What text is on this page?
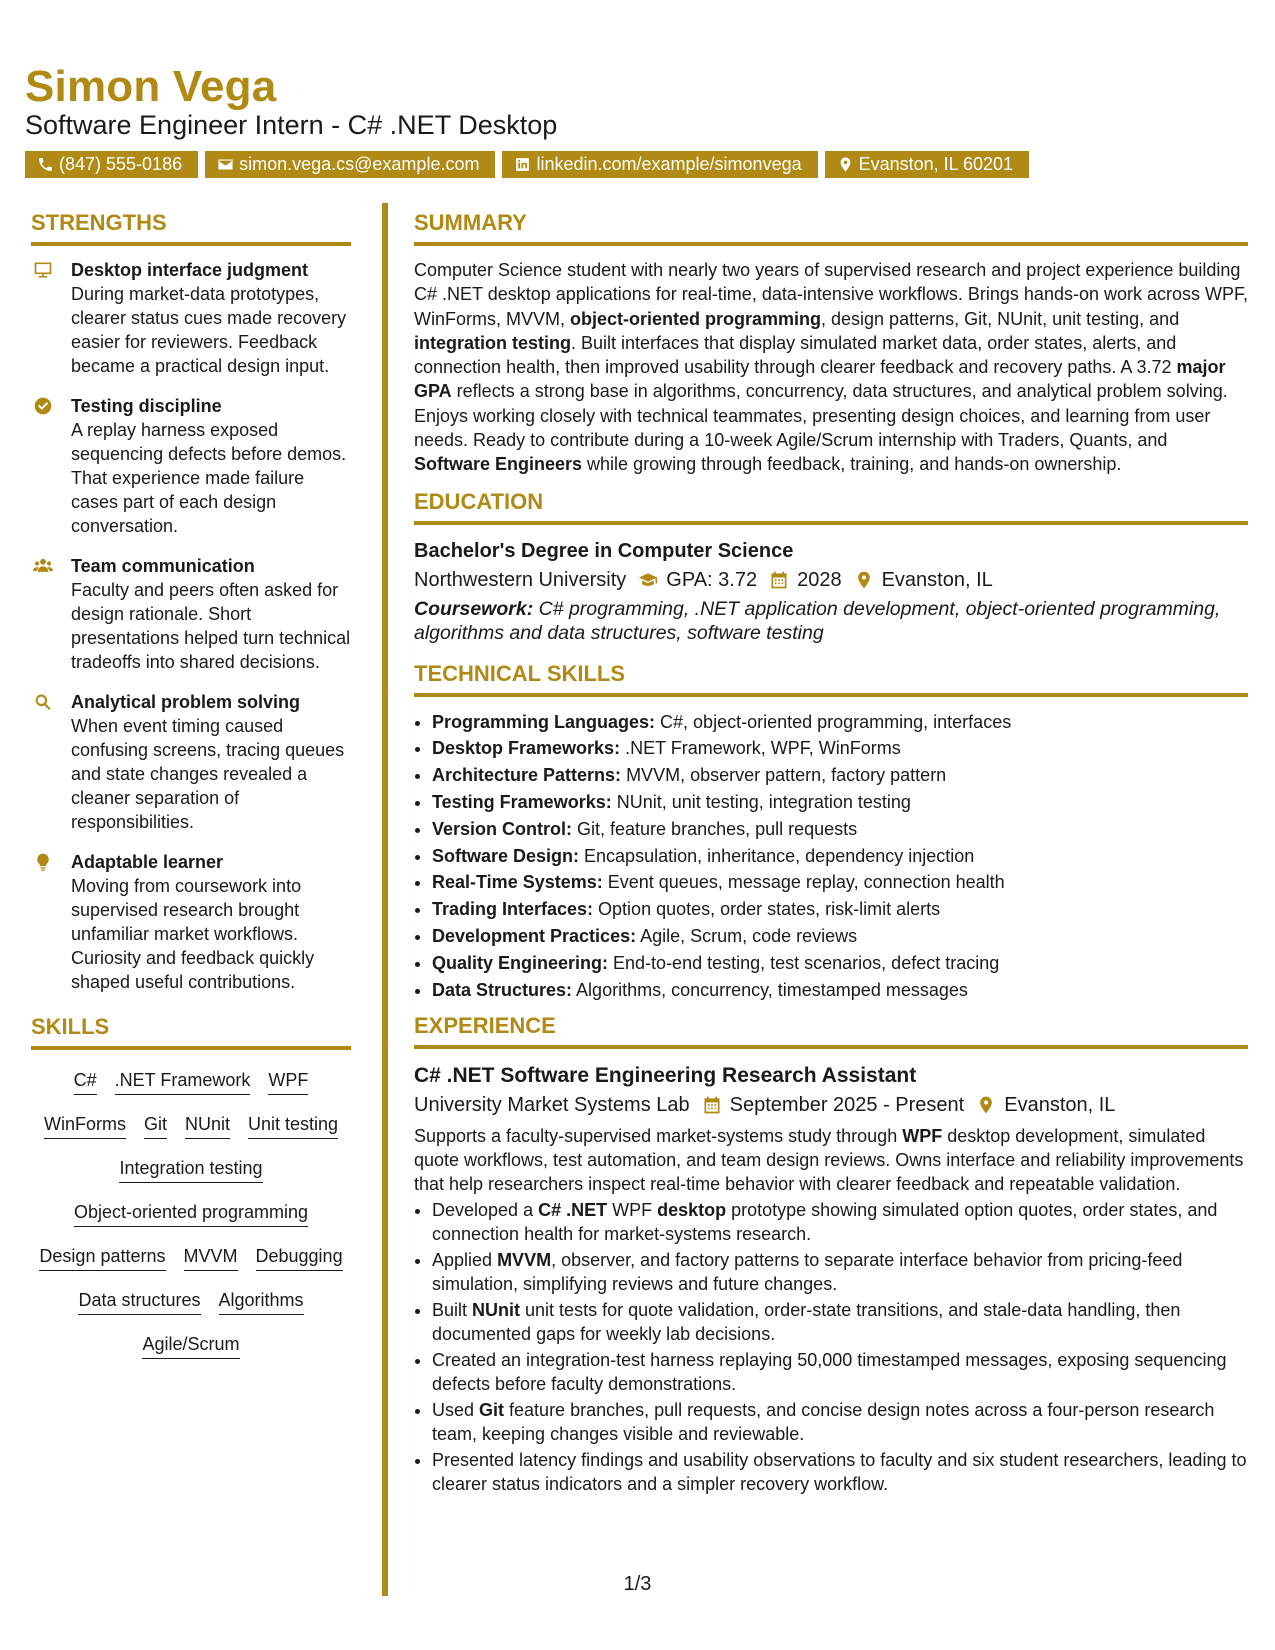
Simon Vega
Software Engineer Intern - C# .NET Desktop
(847) 555-0186	simon.vega.cs@example.com	linkedin.com/example/simonvega	Evanston, IL 60201
STRENGTHS
Desktop interface judgment
During market-data prototypes, clearer status cues made recovery easier for reviewers. Feedback became a practical design input.
Testing discipline
A replay harness exposed sequencing defects before demos. That experience made failure cases part of each design conversation.
Team communication
Faculty and peers often asked for design rationale. Short presentations helped turn technical tradeoffs into shared decisions.
Analytical problem solving
When event timing caused confusing screens, tracing queues and state changes revealed a cleaner separation of responsibilities.
Adaptable learner
Moving from coursework into supervised research brought unfamiliar market workflows. Curiosity and feedback quickly shaped useful contributions.
SKILLS
C# .NET Framework WPF
WinForms Git NUnit Unit testing
Integration testing
Object-oriented programming
Design patterns MVVM Debugging
Data structures Algorithms
Agile/Scrum
SUMMARY
Computer Science student with nearly two years of supervised research and project experience building C# .NET desktop applications for real-time, data-intensive workflows. Brings hands-on work across WPF, WinForms, MVVM, object-oriented programming, design patterns, Git, NUnit, unit testing, and integration testing. Built interfaces that display simulated market data, order states, alerts, and connection health, then improved usability through clearer feedback and recovery paths. A 3.72 major GPA reflects a strong base in algorithms, concurrency, data structures, and analytical problem solving. Enjoys working closely with technical teammates, presenting design choices, and learning from user needs. Ready to contribute during a 10-week Agile/Scrum internship with Traders, Quants, and Software Engineers while growing through feedback, training, and hands-on ownership.
EDUCATION
Bachelor's Degree in Computer Science
Northwestern University GPA: 3.72 2028 Evanston, IL
Coursework: C# programming, .NET application development, object-oriented programming, algorithms and data structures, software testing
TECHNICAL SKILLS
• Programming Languages: C#, object-oriented programming, interfaces
• Desktop Frameworks: .NET Framework, WPF, WinForms
• Architecture Patterns: MVVM, observer pattern, factory pattern
• Testing Frameworks: NUnit, unit testing, integration testing
• Version Control: Git, feature branches, pull requests
• Software Design: Encapsulation, inheritance, dependency injection
• Real-Time Systems: Event queues, message replay, connection health
• Trading Interfaces: Option quotes, order states, risk-limit alerts
• Development Practices: Agile, Scrum, code reviews
• Quality Engineering: End-to-end testing, test scenarios, defect tracing
• Data Structures: Algorithms, concurrency, timestamped messages
EXPERIENCE
C# .NET Software Engineering Research Assistant
University Market Systems Lab September 2025 - Present Evanston, IL
Supports a faculty-supervised market-systems study through WPF desktop development, simulated quote workflows, test automation, and team design reviews. Owns interface and reliability improvements that help researchers inspect real-time behavior with clearer feedback and repeatable validation.
• Developed a C# .NET WPF desktop prototype showing simulated option quotes, order states, and connection health for market-systems research.
• Applied MVVM, observer, and factory patterns to separate interface behavior from pricing-feed simulation, simplifying reviews and future changes.
• Built NUnit unit tests for quote validation, order-state transitions, and stale-data handling, then documented gaps for weekly lab decisions.
• Created an integration-test harness replaying 50,000 timestamped messages, exposing sequencing defects before faculty demonstrations.
• Used Git feature branches, pull requests, and concise design notes across a four-person research team, keeping changes visible and reviewable.
• Presented latency findings and usability observations to faculty and six student researchers, leading to clearer status indicators and a simpler recovery workflow.
1/3
